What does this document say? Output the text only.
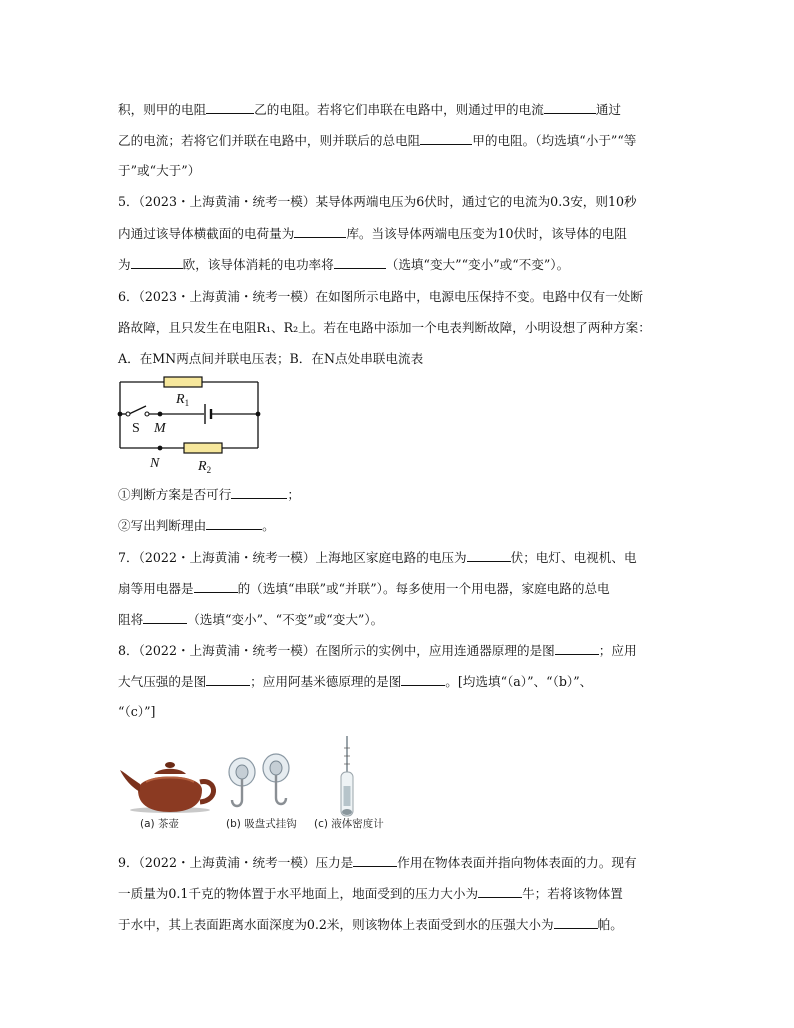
积，则甲的电阻	乙的电阻。若将它们串联在电路中，则通过甲的电流	通过
乙的电流；若将它们并联在电路中，则并联后的总电阻	甲的电阻。（均选填“小于”“等
于”或“大于”）
5．（2023・上海黄浦・统考一模）某导体两端电压为6伏时，通过它的电流为0.3安，则10秒
内通过该导体横截面的电荷量为	库。当该导体两端电压变为10伏时，该导体的电阻
为	欧，该导体消耗的电功率将	（选填“变大”“变小”或“不变”）。
6．（2023・上海黄浦・统考一模）在如图所示电路中，电源电压保持不变。电路中仅有一处断
路故障，且只发生在电阻R₁、R₂上。若在电路中添加一个电表判断故障，小明设想了两种方案：
A．在MN两点间并联电压表；B．在N点处串联电流表
$R_1$
S M
N	$R_2$
①判断方案是否可行	；
②写出判断理由	。
7．（2022・上海黄浦・统考一模）上海地区家庭电路的电压为	伏；电灯、电视机、电
扇等用电器是	的（选填“串联”或“并联”）。每多使用一个用电器，家庭电路的总电
阻将	（选填“变小”、“不变”或“变大”）。
8．（2022・上海黄浦・统考一模）在图所示的实例中，应用连通器原理的是图	；应用
大气压强的是图	；应用阿基米德原理的是图	。[均选填“（a）”、“（b）”、
“（c）”]
(a) 茶壶	(b) 吸盘式挂钩 (c) 液体密度计
9．（2022・上海黄浦・统考一模）压力是	作用在物体表面并指向物体表面的力。现有
一质量为0.1千克的物体置于水平地面上，地面受到的压力大小为	牛；若将该物体置
于水中，其上表面距离水面深度为0.2米，则该物体上表面受到水的压强大小为	帕。
